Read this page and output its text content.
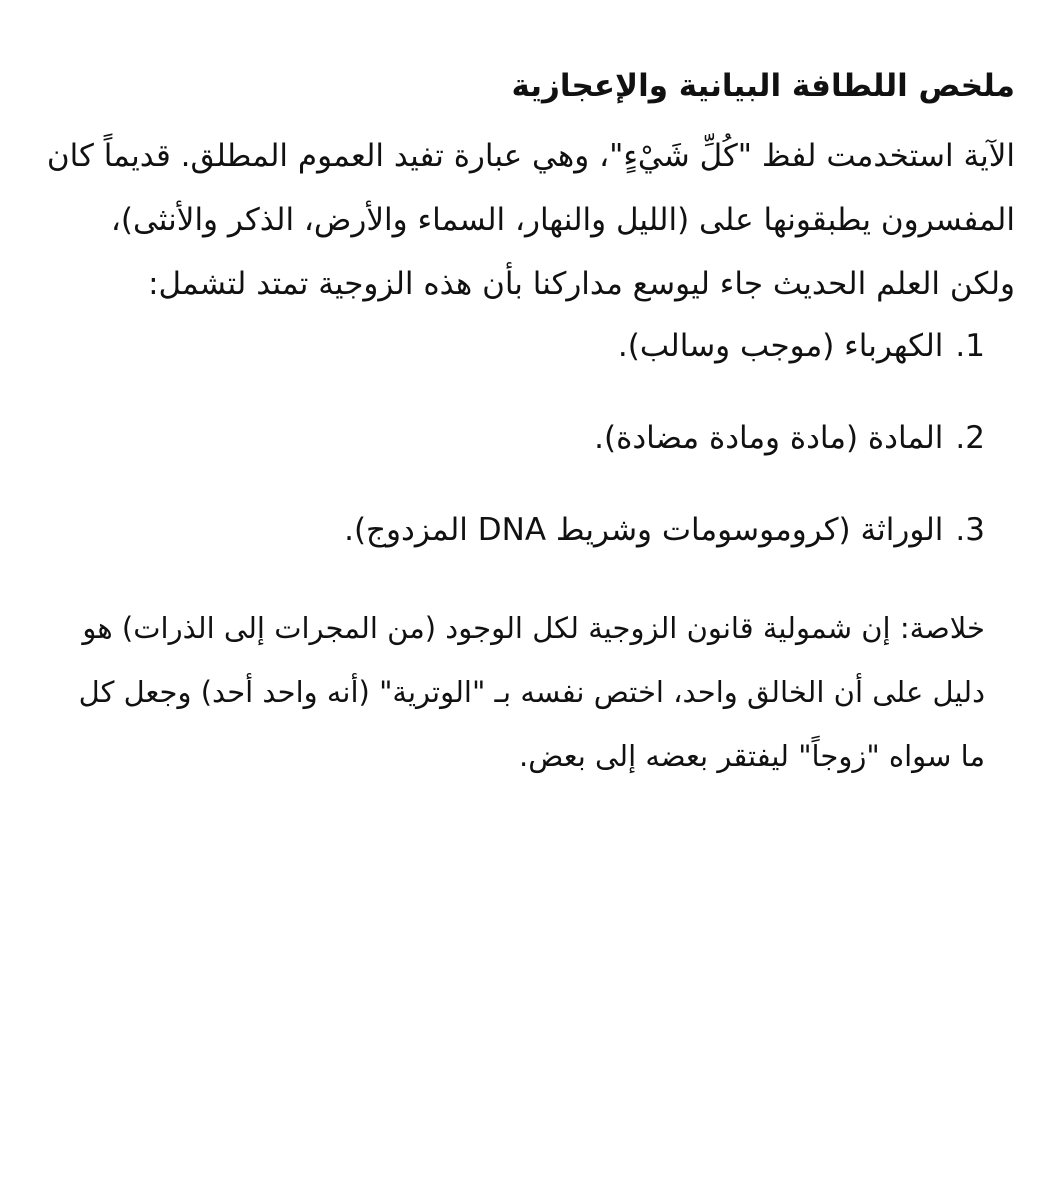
ملخص اللطافة البيانية والإعجازية

الآية استخدمت لفظ "كُلِّ شَيْءٍ"، وهي عبارة تفيد العموم المطلق. قديماً كان المفسرون يطبقونها على (الليل والنهار، السماء والأرض، الذكر والأنثى)، ولكن العلم الحديث جاء ليوسع مداركنا بأن هذه الزوجية تمتد لتشمل:

1.الكهرباء (موجب وسالب).
2.المادة (مادة ومادة مضادة).
3.الوراثة (كروموسومات وشريط DNA المزدوج).

خلاصة: إن شمولية قانون الزوجية لكل الوجود (من المجرات إلى الذرات) هو دليل على أن الخالق واحد، اختص نفسه بـ "الوترية" (أنه واحد أحد) وجعل كل ما سواه "زوجاً" ليفتقر بعضه إلى بعض.
